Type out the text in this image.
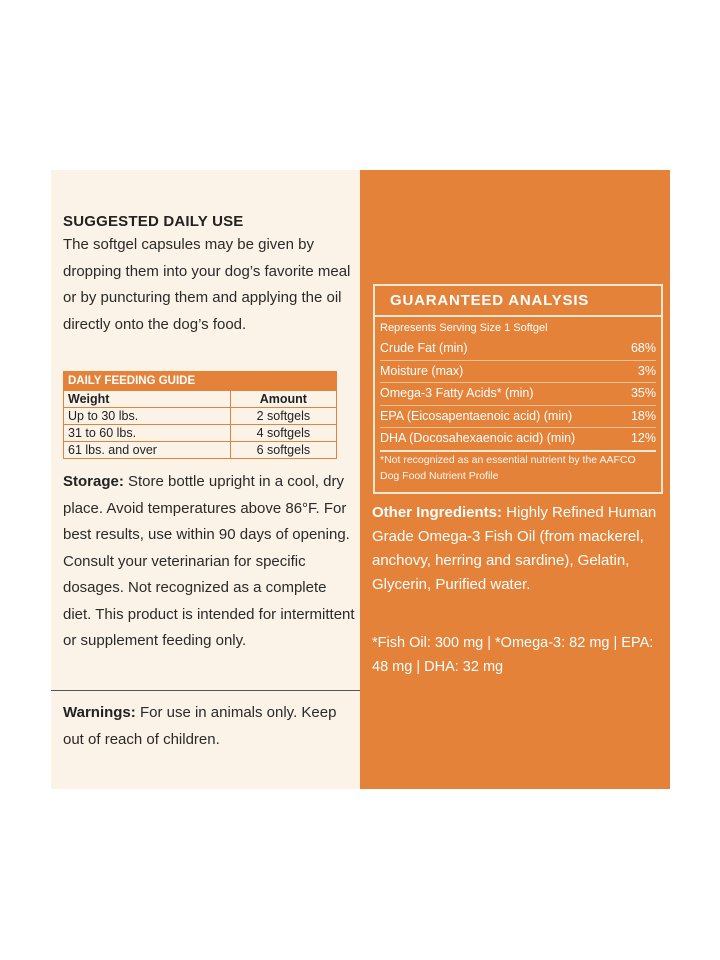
SUGGESTED DAILY USE
The softgel capsules may be given by dropping them into your dog’s favorite meal or by puncturing them and applying the oil directly onto the dog’s food.
DAILY FEEDING GUIDE
Weight	Amount
Up to 30 lbs.	2 softgels
31 to 60 lbs.	4 softgels
61 lbs. and over	6 softgels
Storage: Store bottle upright in a cool, dry place. Avoid temperatures above 86°F. For best results, use within 90 days of opening. Consult your veterinarian for specific dosages. Not recognized as a complete diet. This product is intended for intermittent or supplement feeding only.
Warnings: For use in animals only. Keep out of reach of children.
GUARANTEED ANALYSIS
Represents Serving Size 1 Softgel
Crude Fat (min)	68%
Moisture (max)	3%
Omega-3 Fatty Acids* (min)	35%
EPA (Eicosapentaenoic acid) (min)	18%
DHA (Docosahexaenoic acid) (min)	12%
*Not recognized as an essential nutrient by the AAFCO Dog Food Nutrient Profile
Other Ingredients: Highly Refined Human Grade Omega-3 Fish Oil (from mackerel, anchovy, herring and sardine), Gelatin, Glycerin, Purified water.
*Fish Oil: 300 mg | *Omega-3: 82 mg | EPA: 48 mg | DHA: 32 mg
